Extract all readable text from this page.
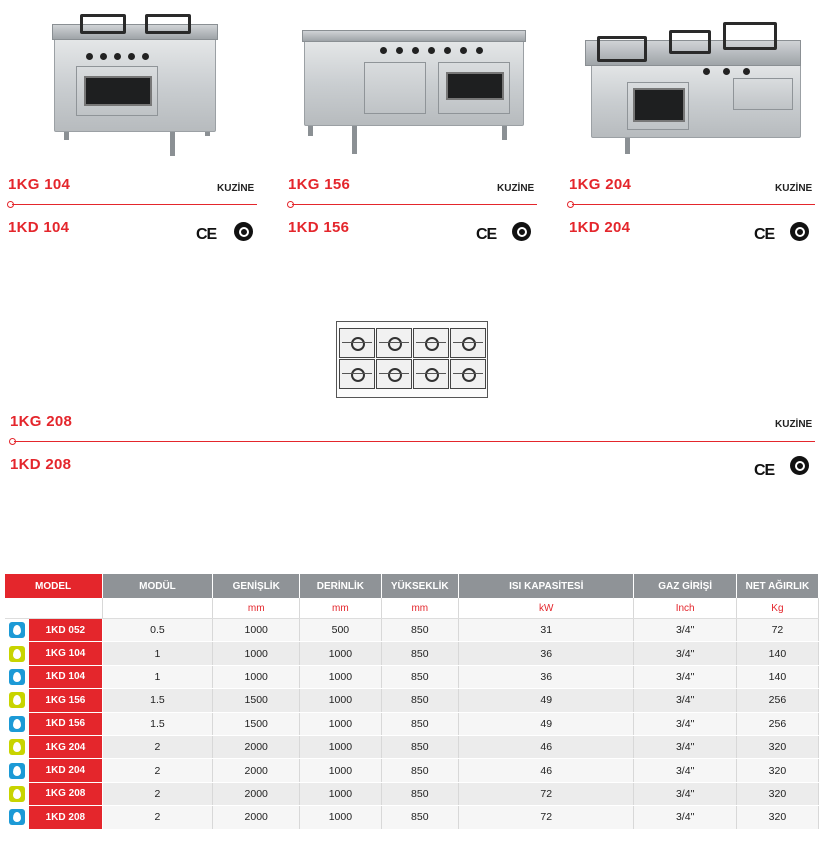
1KG 104	KUZİNE
1KD 104	CE
1KG 156	KUZİNE
1KD 156	CE
1KG 204	KUZİNE
1KD 204	CE
1KG 208	KUZİNE
1KD 208	CE
MODEL		MODÜL	GENİŞLİK	DERİNLİK	YÜKSEKLİK	ISI KAPASİTESİ	GAZ GİRİŞİ	NET AĞIRLIK
			mm	mm	mm	kW	Inch	Kg
	1KD 052	0.5	1000	500	850	31	3/4"	72
	1KG 104	1	1000	1000	850	36	3/4"	140
	1KD 104	1	1000	1000	850	36	3/4"	140
	1KG 156	1.5	1500	1000	850	49	3/4"	256
	1KD 156	1.5	1500	1000	850	49	3/4"	256
	1KG 204	2	2000	1000	850	46	3/4"	320
	1KD 204	2	2000	1000	850	46	3/4"	320
	1KG 208	2	2000	1000	850	72	3/4"	320
	1KD 208	2	2000	1000	850	72	3/4"	320
